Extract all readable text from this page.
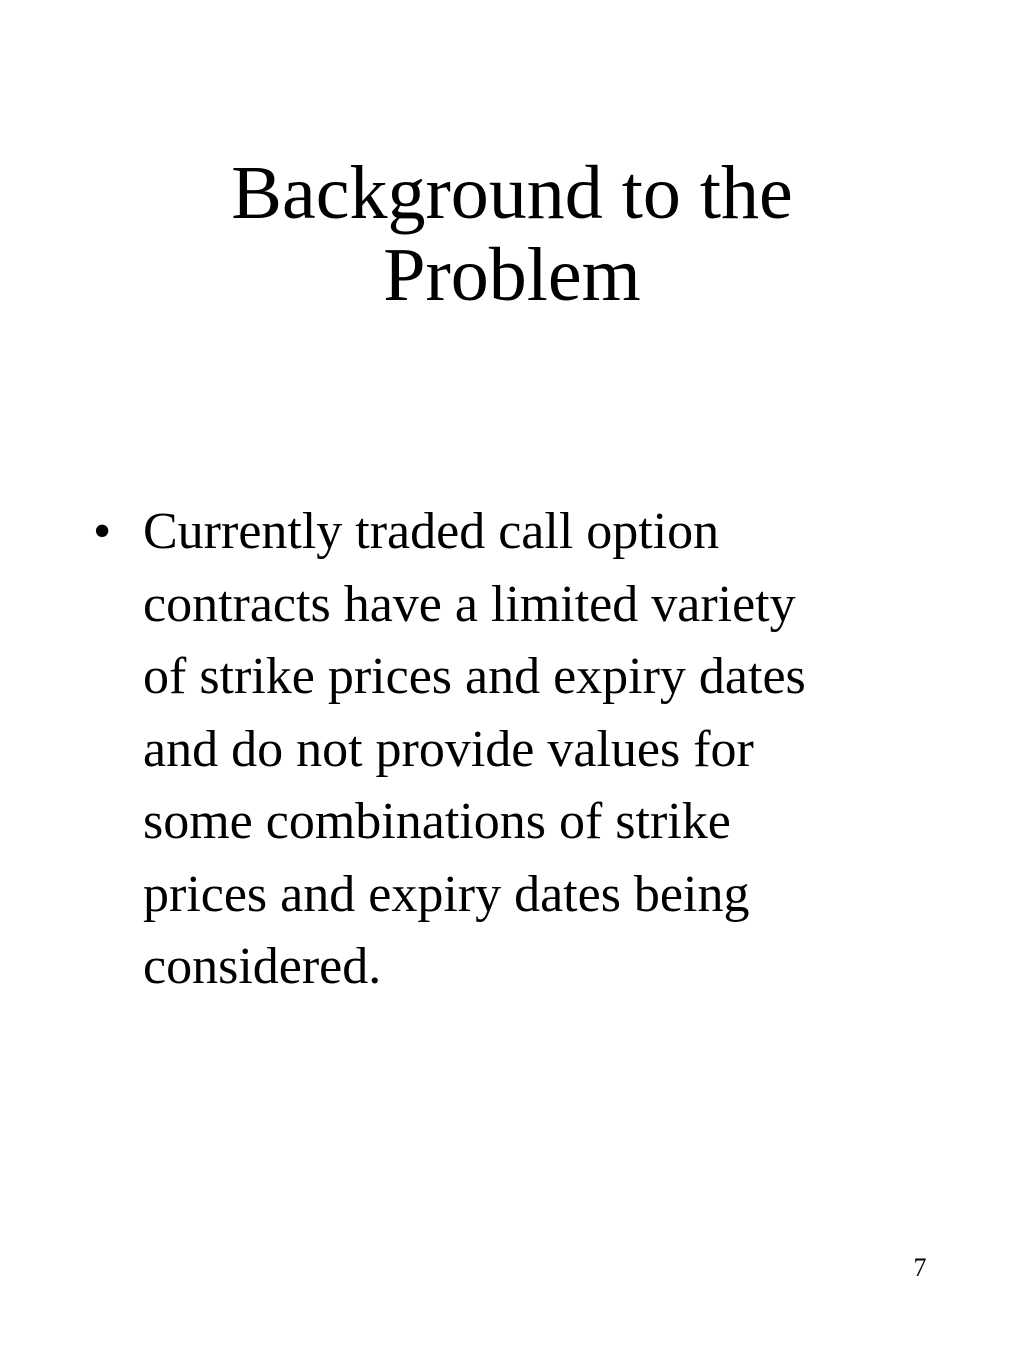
Background to the
Problem
• Currently traded call option
contracts have a limited variety
of strike prices and expiry dates
and do not provide values for
some combinations of strike
prices and expiry dates being
considered.
7
